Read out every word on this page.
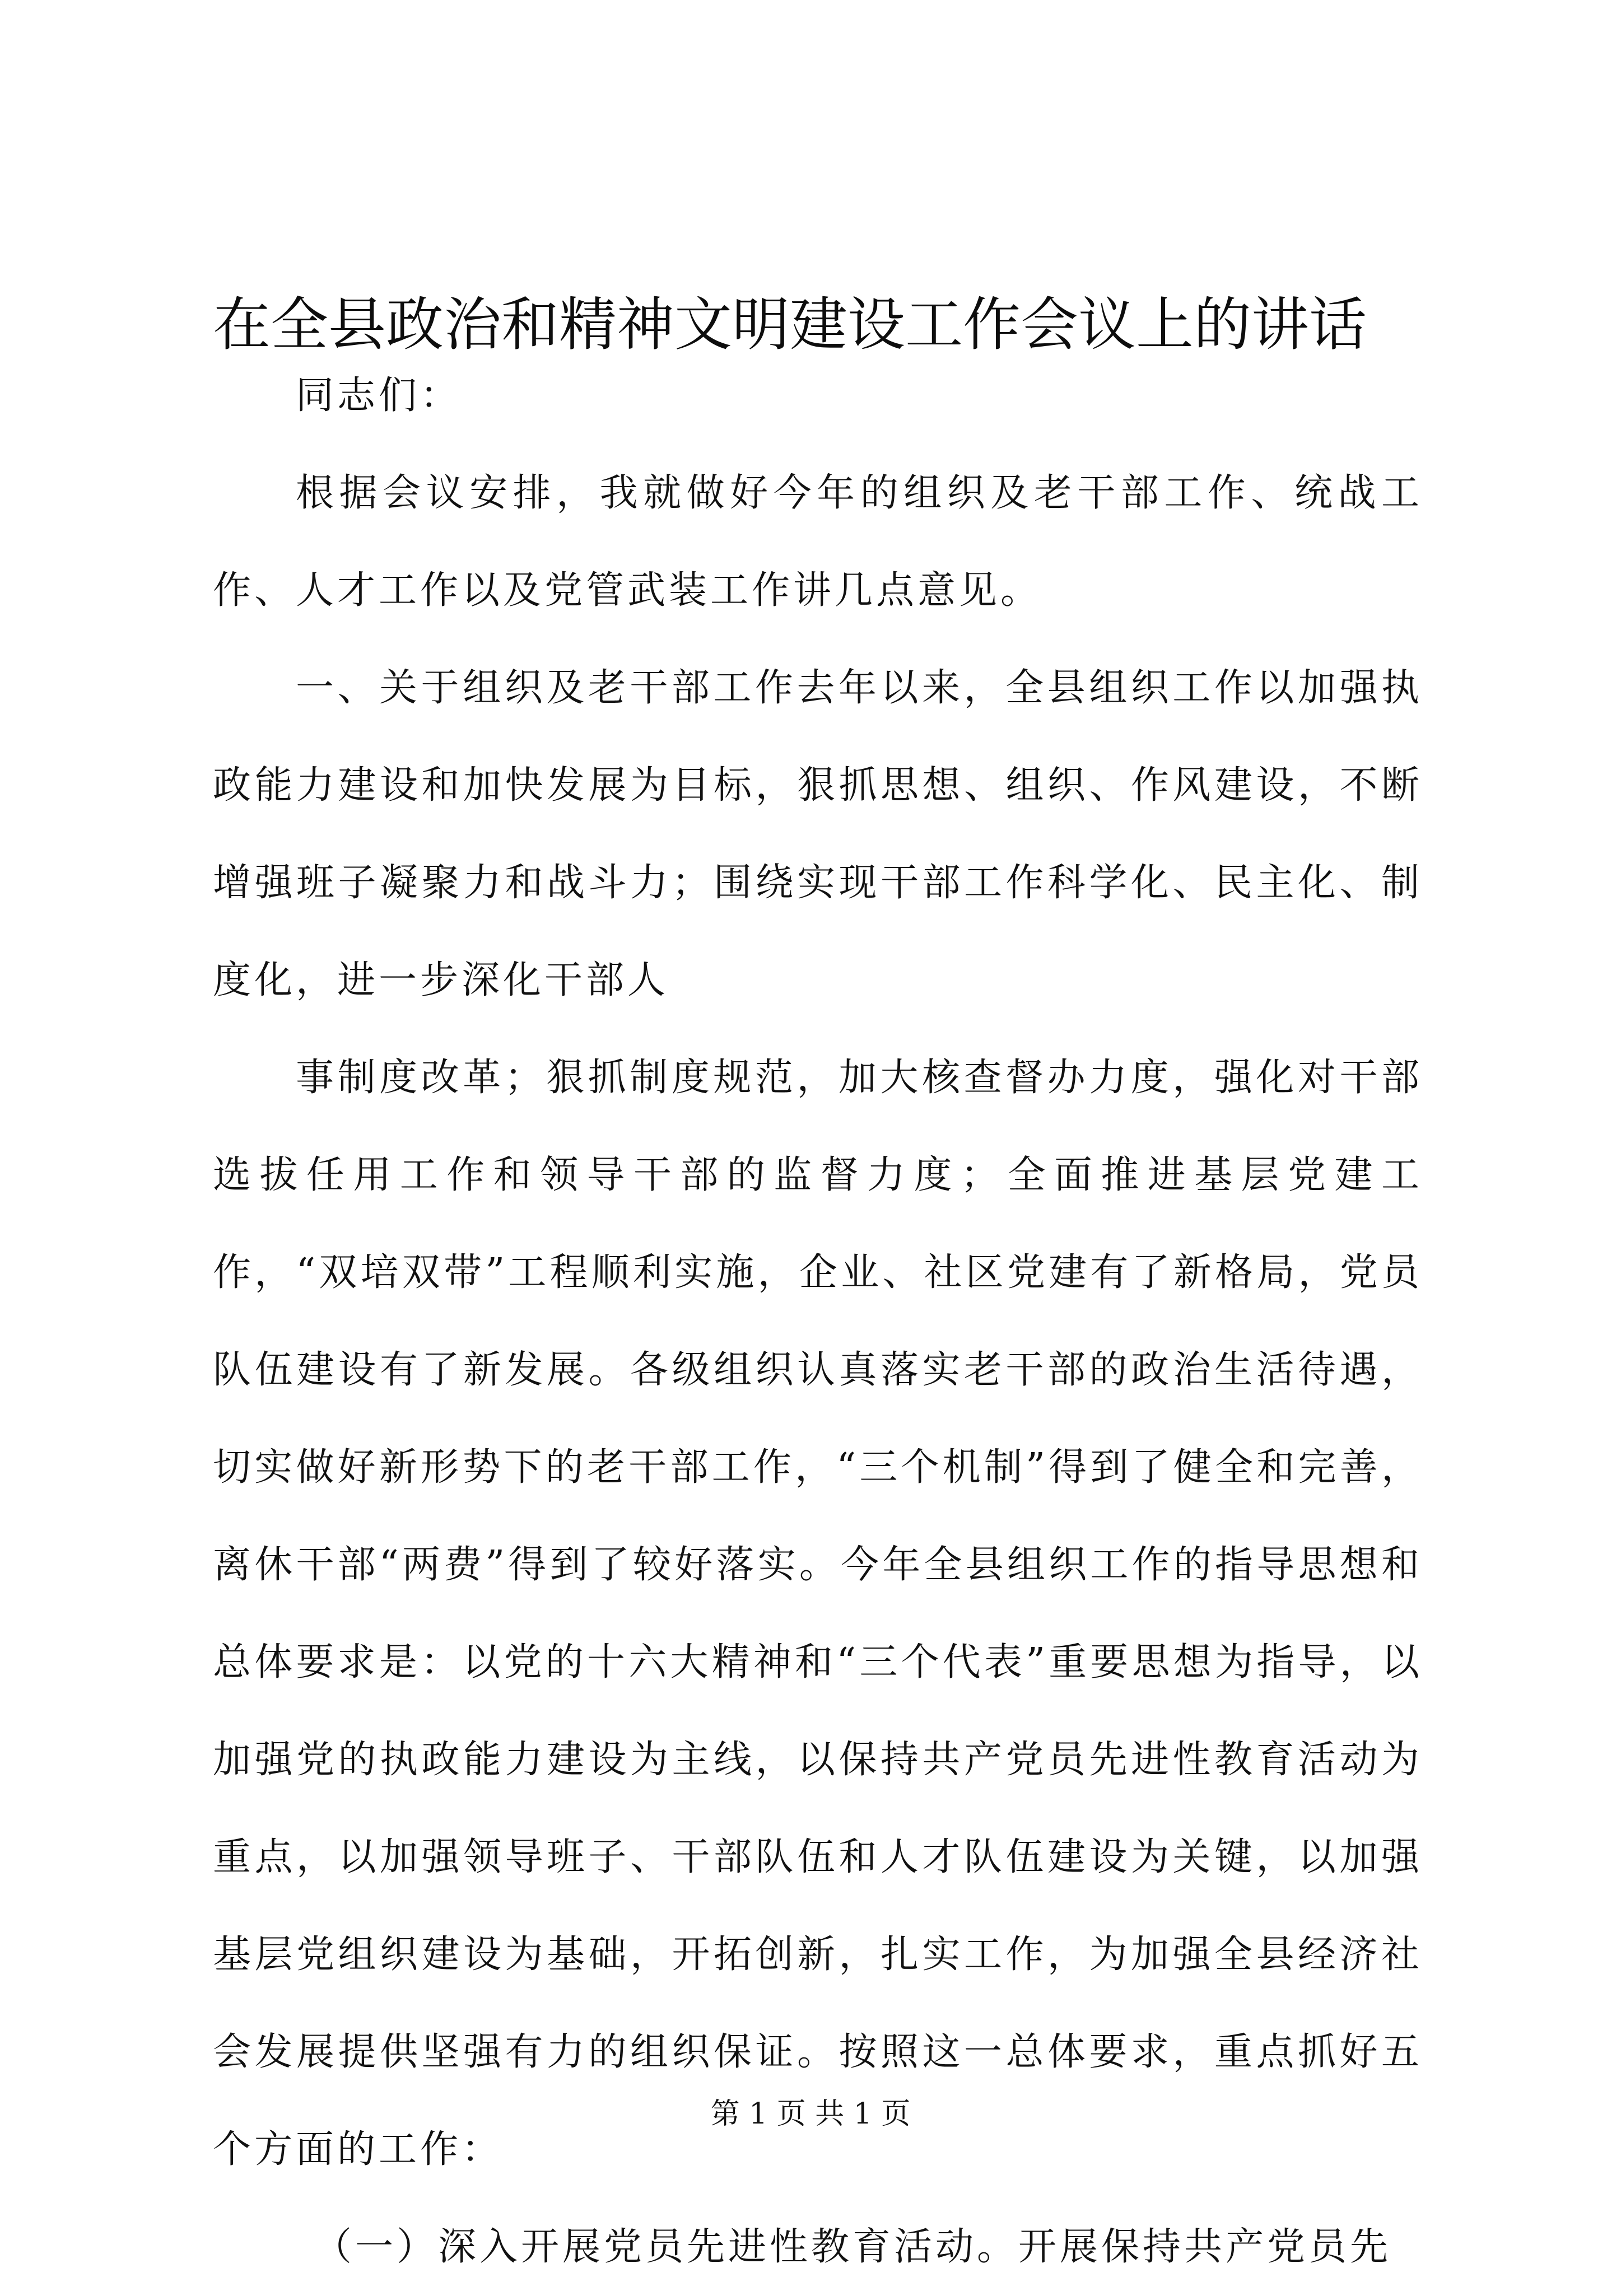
在全县政治和精神文明建设工作会议上的讲话

同志们：

根据会议安排，我就做好今年的组织及老干部工作、统战工作、人才工作以及党管武装工作讲几点意见。

一、关于组织及老干部工作去年以来，全县组织工作以加强执政能力建设和加快发展为目标，狠抓思想、组织、作风建设，不断增强班子凝聚力和战斗力；围绕实现干部工作科学化、民主化、制度化，进一步深化干部人

事制度改革；狠抓制度规范，加大核查督办力度，强化对干部选拔任用工作和领导干部的监督力度；全面推进基层党建工作，“双培双带”工程顺利实施，企业、社区党建有了新格局，党员队伍建设有了新发展。各级组织认真落实老干部的政治生活待遇，切实做好新形势下的老干部工作，“三个机制”得到了健全和完善，离休干部“两费”得到了较好落实。今年全县组织工作的指导思想和总体要求是：以党的十六大精神和“三个代表”重要思想为指导，以加强党的执政能力建设为主线，以保持共产党员先进性教育活动为重点，以加强领导班子、干部队伍和人才队伍建设为关键，以加强基层党组织建设为基础，开拓创新，扎实工作，为加强全县经济社会发展提供坚强有力的组织保证。按照这一总体要求，重点抓好五个方面的工作：

（一）深入开展党员先进性教育活动。开展保持共产党员先

第 1 页 共 1 页
